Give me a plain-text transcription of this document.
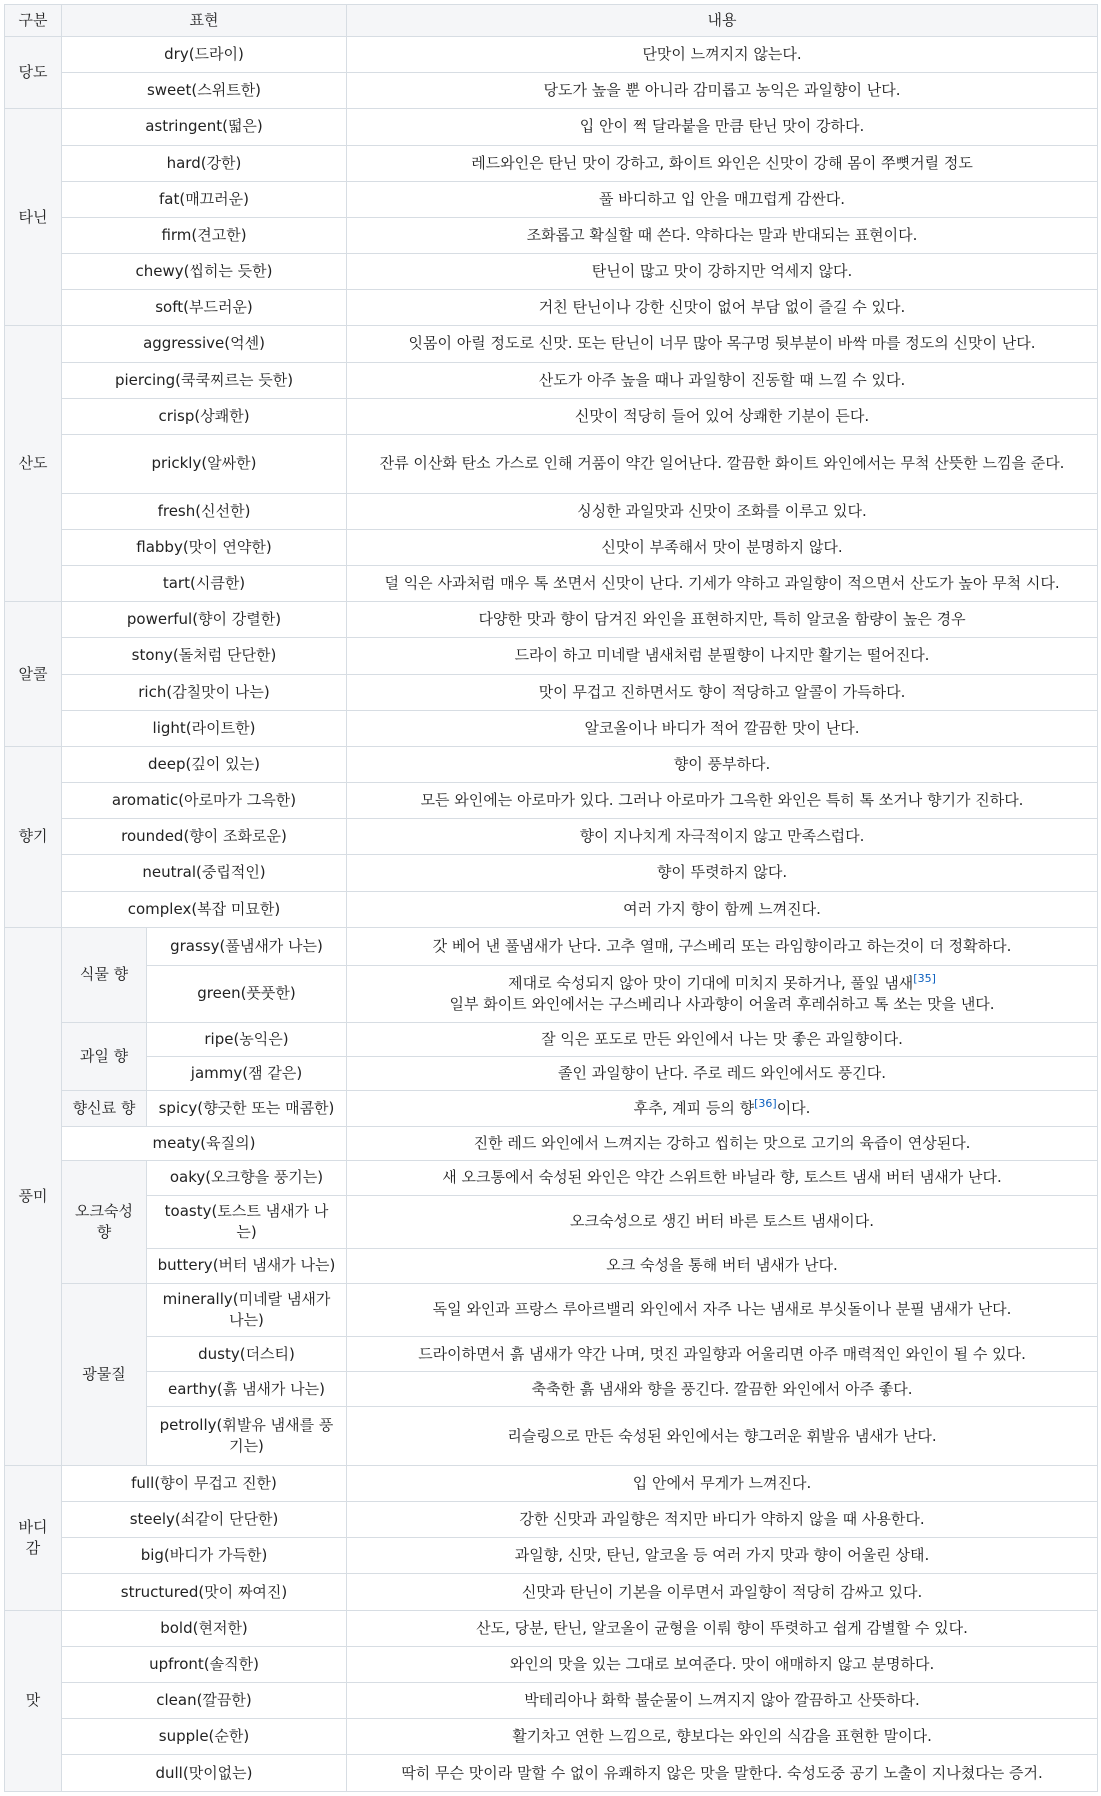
구분	표현		내용
당도	dry(드라이)		단맛이 느껴지지 않는다.
	sweet(스위트한)		당도가 높을 뿐 아니라 감미롭고 농익은 과일향이 난다.
타닌	astringent(떫은)		입 안이 쩍 달라붙을 만큼 탄닌 맛이 강하다.
	hard(강한)		레드와인은 탄닌 맛이 강하고, 화이트 와인은 신맛이 강해 몸이 쭈뼛거릴 정도
	fat(매끄러운)		풀 바디하고 입 안을 매끄럽게 감싼다.
	firm(견고한)		조화롭고 확실할 때 쓴다. 약하다는 말과 반대되는 표현이다.
	chewy(씹히는 듯한)		탄닌이 많고 맛이 강하지만 억세지 않다.
	soft(부드러운)		거친 탄닌이나 강한 신맛이 없어 부담 없이 즐길 수 있다.
산도	aggressive(억센)		잇몸이 아릴 정도로 신맛. 또는 탄닌이 너무 많아 목구멍 뒷부분이 바싹 마를 정도의 신맛이 난다.
	piercing(쿡쿡찌르는 듯한)		산도가 아주 높을 때나 과일향이 진동할 때 느낄 수 있다.
	crisp(상쾌한)		신맛이 적당히 들어 있어 상쾌한 기분이 든다.
	prickly(알싸한)		잔류 이산화 탄소 가스로 인해 거품이 약간 일어난다. 깔끔한 화이트 와인에서는 무척 산뜻한 느낌을 준다.
	fresh(신선한)		싱싱한 과일맛과 신맛이 조화를 이루고 있다.
	flabby(맛이 연약한)		신맛이 부족해서 맛이 분명하지 않다.
	tart(시큼한)		덜 익은 사과처럼 매우 톡 쏘면서 신맛이 난다. 기세가 약하고 과일향이 적으면서 산도가 높아 무척 시다.
알콜	powerful(향이 강렬한)		다양한 맛과 향이 담겨진 와인을 표현하지만, 특히 알코올 함량이 높은 경우
	stony(돌처럼 단단한)		드라이 하고 미네랄 냄새처럼 분필향이 나지만 활기는 떨어진다.
	rich(감칠맛이 나는)		맛이 무겁고 진하면서도 향이 적당하고 알콜이 가득하다.
	light(라이트한)		알코올이나 바디가 적어 깔끔한 맛이 난다.
향기	deep(깊이 있는)		향이 풍부하다.
	aromatic(아로마가 그윽한)		모든 와인에는 아로마가 있다. 그러나 아로마가 그윽한 와인은 특히 톡 쏘거나 향기가 진하다.
	rounded(향이 조화로운)		향이 지나치게 자극적이지 않고 만족스럽다.
	neutral(중립적인)		향이 뚜렷하지 않다.
	complex(복잡 미묘한)		여러 가지 향이 함께 느껴진다.
풍미	식물 향	grassy(풀냄새가 나는)	갓 베어 낸 풀냄새가 난다. 고추 열매, 구스베리 또는 라임향이라고 하는것이 더 정확하다.
		green(풋풋한)	제대로 숙성되지 않아 맛이 기대에 미치지 못하거나, 풀잎 냄새[35]
일부 화이트 와인에서는 구스베리나 사과향이 어울려 후레쉬하고 톡 쏘는 맛을 낸다.
	과일 향	ripe(농익은)	잘 익은 포도로 만든 와인에서 나는 맛 좋은 과일향이다.
		jammy(잼 같은)	졸인 과일향이 난다. 주로 레드 와인에서도 풍긴다.
	향신료 향	spicy(향긋한 또는 매콤한)	후추, 계피 등의 향[36]이다.
	meaty(육질의)		진한 레드 와인에서 느껴지는 강하고 씹히는 맛으로 고기의 육즙이 연상된다.
	오크숙성 향	oaky(오크향을 풍기는)	새 오크통에서 숙성된 와인은 약간 스위트한 바닐라 향, 토스트 냄새 버터 냄새가 난다.
		toasty(토스트 냄새가 나는)	오크숙성으로 생긴 버터 바른 토스트 냄새이다.
		buttery(버터 냄새가 나는)	오크 숙성을 통해 버터 냄새가 난다.
	광물질	minerally(미네랄 냄새가 나는)	독일 와인과 프랑스 루아르밸리 와인에서 자주 나는 냄새로 부싯돌이나 분필 냄새가 난다.
		dusty(더스티)	드라이하면서 흙 냄새가 약간 나며, 멋진 과일향과 어울리면 아주 매력적인 와인이 될 수 있다.
		earthy(흙 냄새가 나는)	축축한 흙 냄새와 향을 풍긴다. 깔끔한 와인에서 아주 좋다.
		petrolly(휘발유 냄새를 풍기는)	리슬링으로 만든 숙성된 와인에서는 향그러운 휘발유 냄새가 난다.
바디감	full(향이 무겁고 진한)		입 안에서 무게가 느껴진다.
	steely(쇠같이 단단한)		강한 신맛과 과일향은 적지만 바디가 약하지 않을 때 사용한다.
	big(바디가 가득한)		과일향, 신맛, 탄닌, 알코올 등 여러 가지 맛과 향이 어울린 상태.
	structured(맛이 짜여진)		신맛과 탄닌이 기본을 이루면서 과일향이 적당히 감싸고 있다.
맛	bold(현저한)		산도, 당분, 탄닌, 알코올이 균형을 이뤄 향이 뚜렷하고 쉽게 감별할 수 있다.
	upfront(솔직한)		와인의 맛을 있는 그대로 보여준다. 맛이 애매하지 않고 분명하다.
	clean(깔끔한)		박테리아나 화학 불순물이 느껴지지 않아 깔끔하고 산뜻하다.
	supple(순한)		활기차고 연한 느낌으로, 향보다는 와인의 식감을 표현한 말이다.
	dull(맛이없는)		딱히 무슨 맛이라 말할 수 없이 유쾌하지 않은 맛을 말한다. 숙성도중 공기 노출이 지나쳤다는 증거.
